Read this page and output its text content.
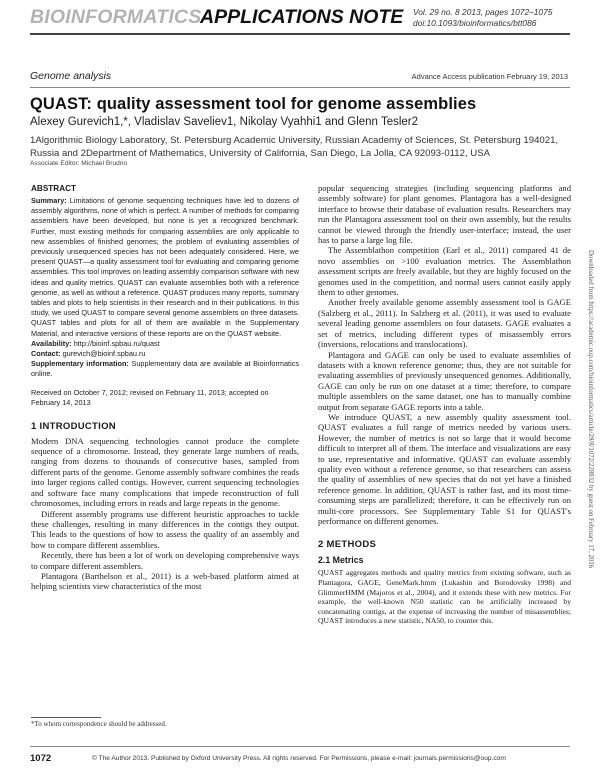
BIOINFORMATICS
APPLICATIONS NOTE Vol. 29 no. 8 2013, pages 1072–1075
doi:10.1093/bioinformatics/btt086
Genome analysis	Advance Access publication February 19, 2013
QUAST: quality assessment tool for genome assemblies
Alexey Gurevich1,*, Vladislav Saveliev1, Nikolay Vyahhi1 and Glenn Tesler2
1Algorithmic Biology Laboratory, St. Petersburg Academic University, Russian Academy of Sciences, St. Petersburg 194021, Russia and 2Department of Mathematics, University of California, San Diego, La Jolla, CA 92093-0112, USA
Associate Editor: Michael Brudno
ABSTRACT
Summary: Limitations of genome sequencing techniques have led to dozens of assembly algorithms, none of which is perfect. A number of methods for comparing assemblers have been developed, but none is yet a recognized benchmark. Further, most existing methods for comparing assemblies are only applicable to new assemblies of finished genomes; the problem of evaluating assemblies of previously unsequenced species has not been adequately considered. Here, we present QUAST—a quality assessment tool for evaluating and comparing genome assemblies. This tool improves on leading assembly comparison software with new ideas and quality metrics. QUAST can evaluate assemblies both with a reference genome, as well as without a reference. QUAST produces many reports, summary tables and plots to help scientists in their research and in their publications. In this study, we used QUAST to compare several genome assemblers on three datasets. QUAST tables and plots for all of them are available in the Supplementary Material, and interactive versions of these reports are on the QUAST website.
Availability: http://bioinf.spbau.ru/quast
Contact: gurevich@bioinf.spbau.ru
Supplementary information: Supplementary data are available at Bioinformatics online.
Received on October 7, 2012; revised on February 11, 2013; accepted on February 14, 2013
1 INTRODUCTION

Modern DNA sequencing technologies cannot produce the complete sequence of a chromosome. Instead, they generate large numbers of reads, ranging from dozens to thousands of consecutive bases, sampled from different parts of the genome. Genome assembly software combines the reads into larger regions called contigs. However, current sequencing technologies and software face many complications that impede reconstruction of full chromosomes, including errors in reads and large repeats in the genome.

Different assembly programs use different heuristic approaches to tackle these challenges, resulting in many differences in the contigs they output. This leads to the questions of how to assess the quality of an assembly and how to compare different assemblies.

Recently, there has been a lot of work on developing comprehensive ways to compare different assemblers.

Plantagora (Barthelson et al., 2011) is a web-based platform aimed at helping scientists view characteristics of the most

popular sequencing strategies (including sequencing platforms and assembly software) for plant genomes. Plantagora has a well-designed interface to browse their database of evaluation results. Researchers may run the Plantagora assessment tool on their own assembly, but the results cannot be viewed through the friendly user-interface; instead, the user has to parse a large log file.

The Assemblathon competition (Earl et al., 2011) compared 41 de novo assemblies on >100 evaluation metrics. The Assemblathon assessment scripts are freely available, but they are highly focused on the genomes used in the competition, and normal users cannot easily apply them to other genomes.

Another freely available genome assembly assessment tool is GAGE (Salzberg et al., 2011). In Salzberg et al. (2011), it was used to evaluate several leading genome assemblers on four datasets. GAGE evaluates a set of metrics, including different types of misassembly errors (inversions, relocations and translocations).

Plantagora and GAGE can only be used to evaluate assemblies of datasets with a known reference genome; thus, they are not suitable for evaluating assemblies of previously unsequenced genomes. Additionally, GAGE can only be run on one dataset at a time; therefore, to compare multiple assemblers on the same dataset, one has to manually combine output from separate GAGE reports into a table.

We introduce QUAST, a new assembly quality assessment tool. QUAST evaluates a full range of metrics needed by various users. However, the number of metrics is not so large that it would become difficult to interpret all of them. The interface and visualizations are easy to use, representative and informative. QUAST can evaluate assembly quality even without a reference genome, so that researchers can assess the quality of assemblies of new species that do not yet have a finished reference genome. In addition, QUAST is rather fast, and its most time-consuming steps are parallelized; therefore, it can be effectively run on multi-core processors. See Supplementary Table S1 for QUAST's performance on different genomes.

2 METHODS
2.1 Metrics

QUAST aggregates methods and quality metrics from existing software, such as Plantagora, GAGE, GeneMark.hmm (Lukashin and Borodovsky 1998) and GlimmerHMM (Majoros et al., 2004), and it extends these with new metrics. For example, the well-known N50 statistic can be artificially increased by concatenating contigs, at the expense of increasing the number of misassemblies; QUAST introduces a new statistic, NA50, to counter this.

*To whom correspondence should be addressed.
1072	© The Author 2013. Published by Oxford University Press. All rights reserved. For Permissions, please e-mail: journals.permissions@oup.com
Downloaded from https://academic.oup.com/bioinformatics/article/29/8/1072/228832 by guest on February 17, 2016
